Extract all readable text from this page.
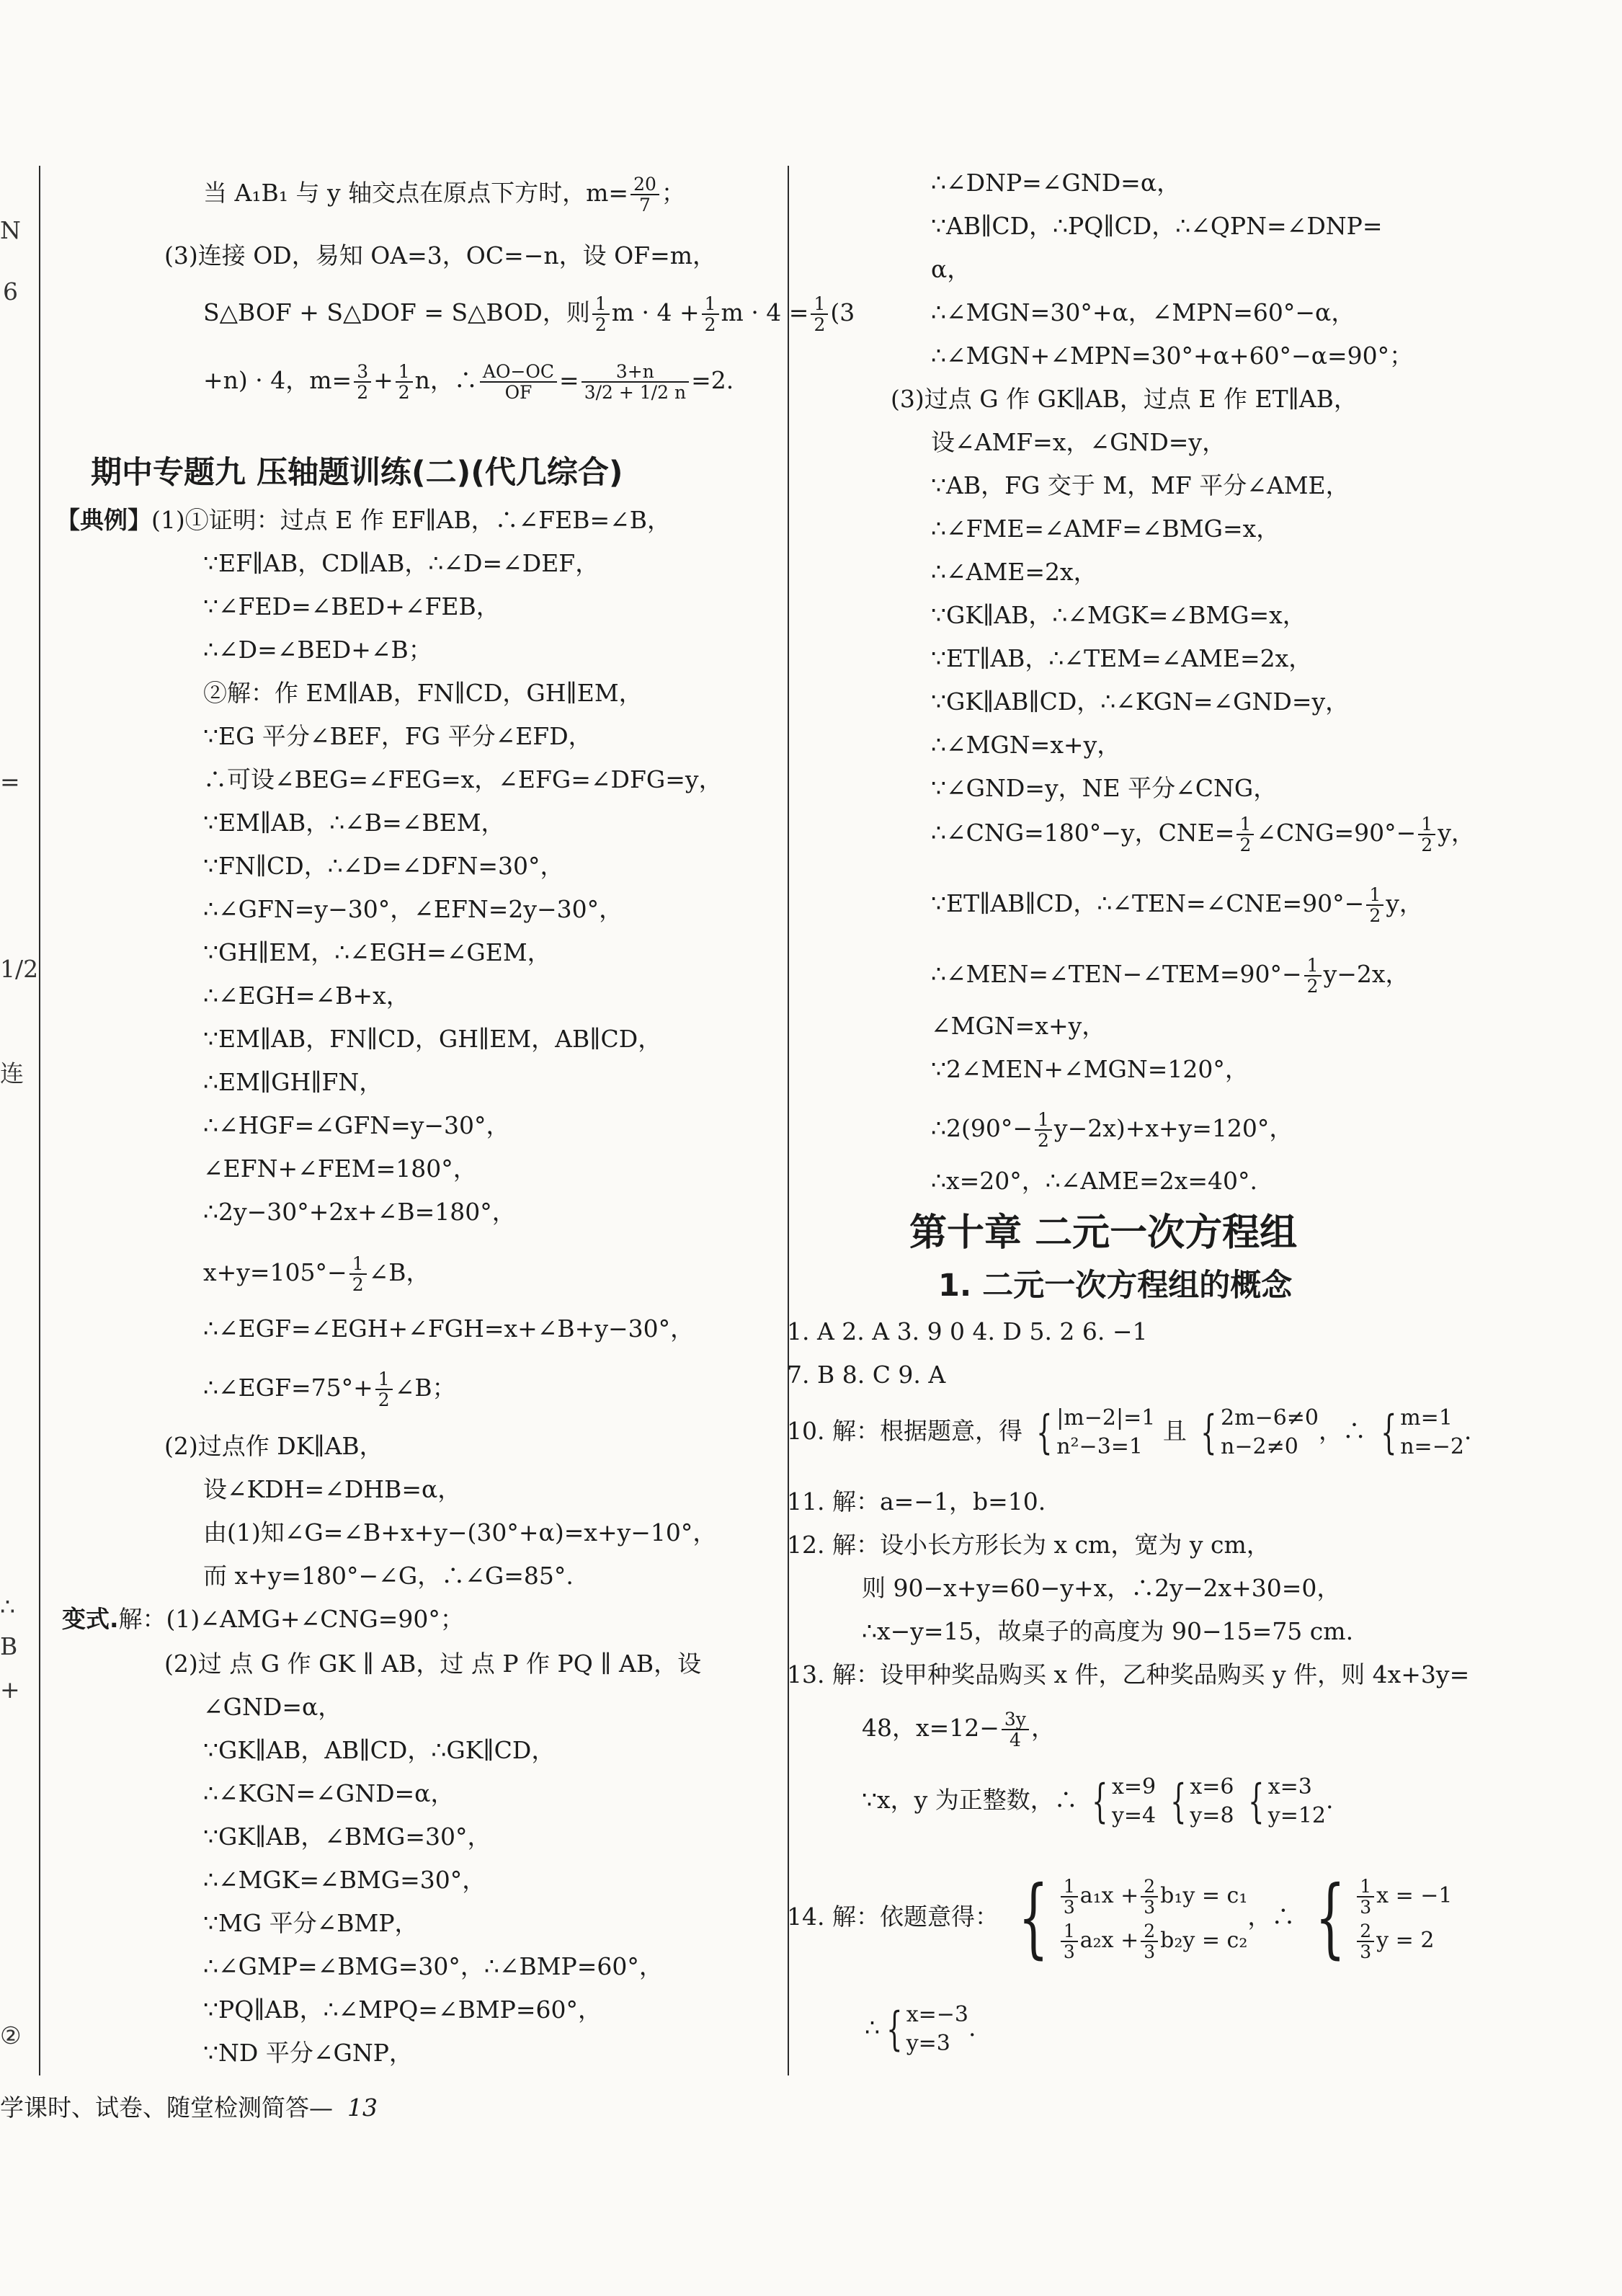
N
6
=
1/2
连
∴
B
+
②
当 A₁B₁ 与 y 轴交点在原点下方时，$m= \frac{20}{7}$ ；
(3)连接 OD，易知 OA=3，OC=−n，设 OF=m，
S△BOF + S△DOF = S△BOD，则 $\frac{1}{2}$ $m \cdot 4 + \frac{1}{2}$ $m \cdot 4 = \frac{1}{2} (3$
+n) · 4，$m= \frac{3}{2} + \frac{1}{2}$ n，∴ $\frac{AO-OC}{OF} = \frac{3+n}{3/2 + 1/2 n} =2$.
期中专题九 压轴题训练(二)(代几综合)
【典例】(1)①证明：过点 E 作 EF∥AB，∴∠FEB=∠B，
∵EF∥AB，CD∥AB，∴∠D=∠DEF，
∵∠FED=∠BED+∠FEB，
∴∠D=∠BED+∠B；
②解：作 EM∥AB，FN∥CD，GH∥EM，
∵EG 平分∠BEF，FG 平分∠EFD，
∴可设∠BEG=∠FEG=x，∠EFG=∠DFG=y，
∵EM∥AB，∴∠B=∠BEM，
∵FN∥CD，∴∠D=∠DFN=30°，
∴∠GFN=y−30°，∠EFN=2y−30°，
∵GH∥EM，∴∠EGH=∠GEM，
∴∠EGH=∠B+x，
∵EM∥AB，FN∥CD，GH∥EM，AB∥CD，
∴EM∥GH∥FN，
∴∠HGF=∠GFN=y−30°，
∠EFN+∠FEM=180°，
∴2y−30°+2x+∠B=180°，
$x+y=105^\circ- \frac{1}{2}$ ∠B，
∴∠EGF=∠EGH+∠FGH=x+∠B+y−30°，
∴∠EGF=75°+ $\frac{1}{2}$ ∠B；
(2)过点作 DK∥AB，
设∠KDH=∠DHB=α，
由(1)知∠G=∠B+x+y−(30°+α)=x+y−10°，
而 x+y=180°−∠G，∴∠G=85°.
变式.解：(1)∠AMG+∠CNG=90°；
(2)过 点 G 作 GK ∥ AB，过 点 P 作 PQ ∥ AB，设
∠GND=α，
∵GK∥AB，AB∥CD，∴GK∥CD，
∴∠KGN=∠GND=α，
∵GK∥AB，∠BMG=30°，
∴∠MGK=∠BMG=30°，
∵MG 平分∠BMP，
∴∠GMP=∠BMG=30°，∴∠BMP=60°，
∵PQ∥AB，∴∠MPQ=∠BMP=60°，
∵ND 平分∠GNP，
∴∠DNP=∠GND=α，
∵AB∥CD，∴PQ∥CD，∴∠QPN=∠DNP=
α，
∴∠MGN=30°+α，∠MPN=60°−α，
∴∠MGN+∠MPN=30°+α+60°−α=90°；
(3)过点 G 作 GK∥AB，过点 E 作 ET∥AB，
设∠AMF=x，∠GND=y，
∵AB，FG 交于 M，MF 平分∠AME，
∴∠FME=∠AMF=∠BMG=x，
∴∠AME=2x，
∵GK∥AB，∴∠MGK=∠BMG=x，
∵ET∥AB，∴∠TEM=∠AME=2x，
∵GK∥AB∥CD，∴∠KGN=∠GND=y，
∴∠MGN=x+y，
∵∠GND=y，NE 平分∠CNG，
∴∠CNG=180°−y，$CNE= \frac{1}{2}$ ∠CNG=90°− $\frac{1}{2}$ y，
∵ET∥AB∥CD，∴∠TEN=∠CNE=90°− $\frac{1}{2}$ y，
∴∠MEN=∠TEN−∠TEM=90°− $\frac{1}{2} y-2x$，
∠MGN=x+y，
∵2∠MEN+∠MGN=120°，
∴2(90°− $\frac{1}{2} y-2x)+x+y=120^\circ$，
∴x=20°，∴∠AME=2x=40°.
第十章 二元一次方程组
1. 二元一次方程组的概念
1. A 2. A 3. 9 0 4. D 5. 2 6. −1
7. B 8. C 9. A
10. 解：根据题意，得 { |m−2|=1
n²−3=1
且 { 2m−6≠0
n−2≠0
，∴ { m=1
n=−2
.
11. 解：a=−1，b=10.
12. 解：设小长方形长为 x cm，宽为 y cm，
则 90−x+y=60−y+x，∴2y−2x+30=0，
∴x−y=15，故桌子的高度为 90−15=75 cm.
13. 解：设甲种奖品购买 x 件，乙种奖品购买 y 件，则 4x+3y=
48，$x=12- \frac{3y}{4}$ ，
∵x，y 为正整数，∴ { x=9
y=4
{ x=6
y=8
{ x=3
y=12
.
14. 解：依题意得： { $\frac{1}{3} a_1x + \frac{2}{3} b_1y = c_1$
$\frac{1}{3} a_2x + \frac{2}{3} b_2y = c_2$
，∴ { $\frac{1}{3}$ x = −1
$\frac{2}{3}$ y = 2
∴ { x=−3
y=3
.
学课时、试卷、随堂检测简答— 13
